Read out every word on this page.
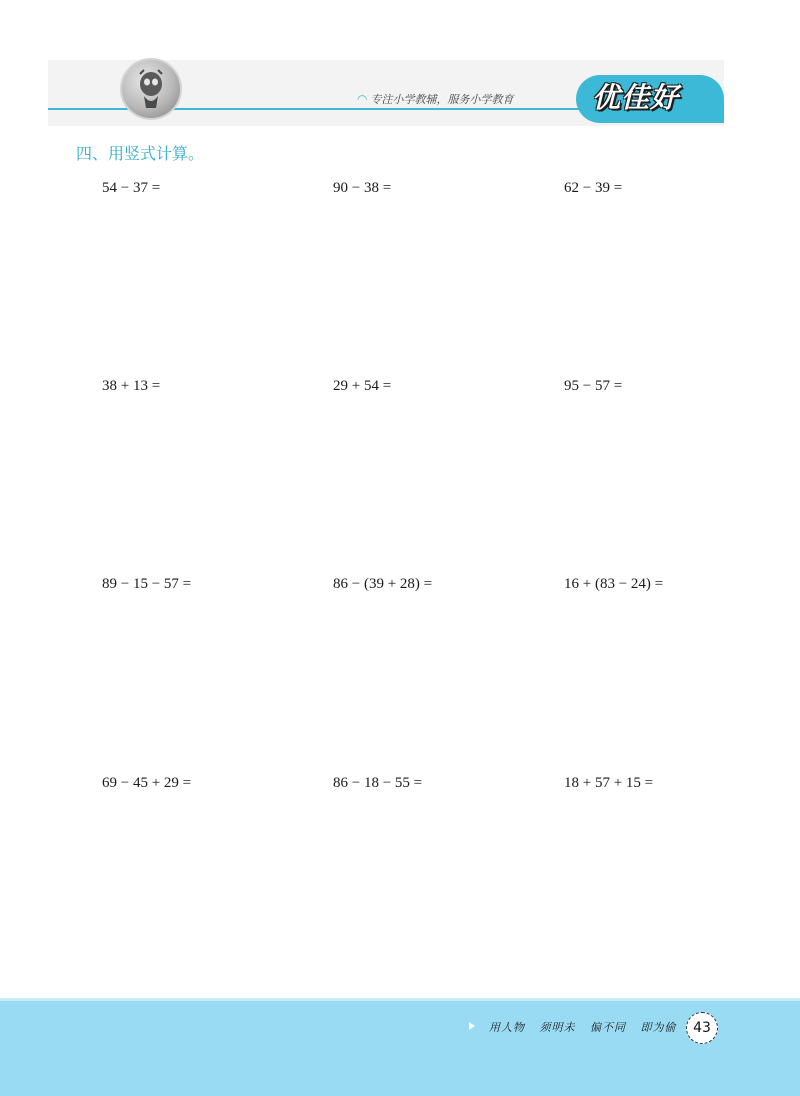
◠ 专注小学教辅，服务小学教育	优佳好
四、用竖式计算。
54 − 37 =	90 − 38 =	62 − 39 =
38 + 13 =	29 + 54 =	95 − 57 =
89 − 15 − 57 =	86 − (39 + 28) =	16 + (83 − 24) =
69 − 45 + 29 =	86 − 18 − 55 =	18 + 57 + 15 =
用人物 须明未 偏不同 即为偷	43
